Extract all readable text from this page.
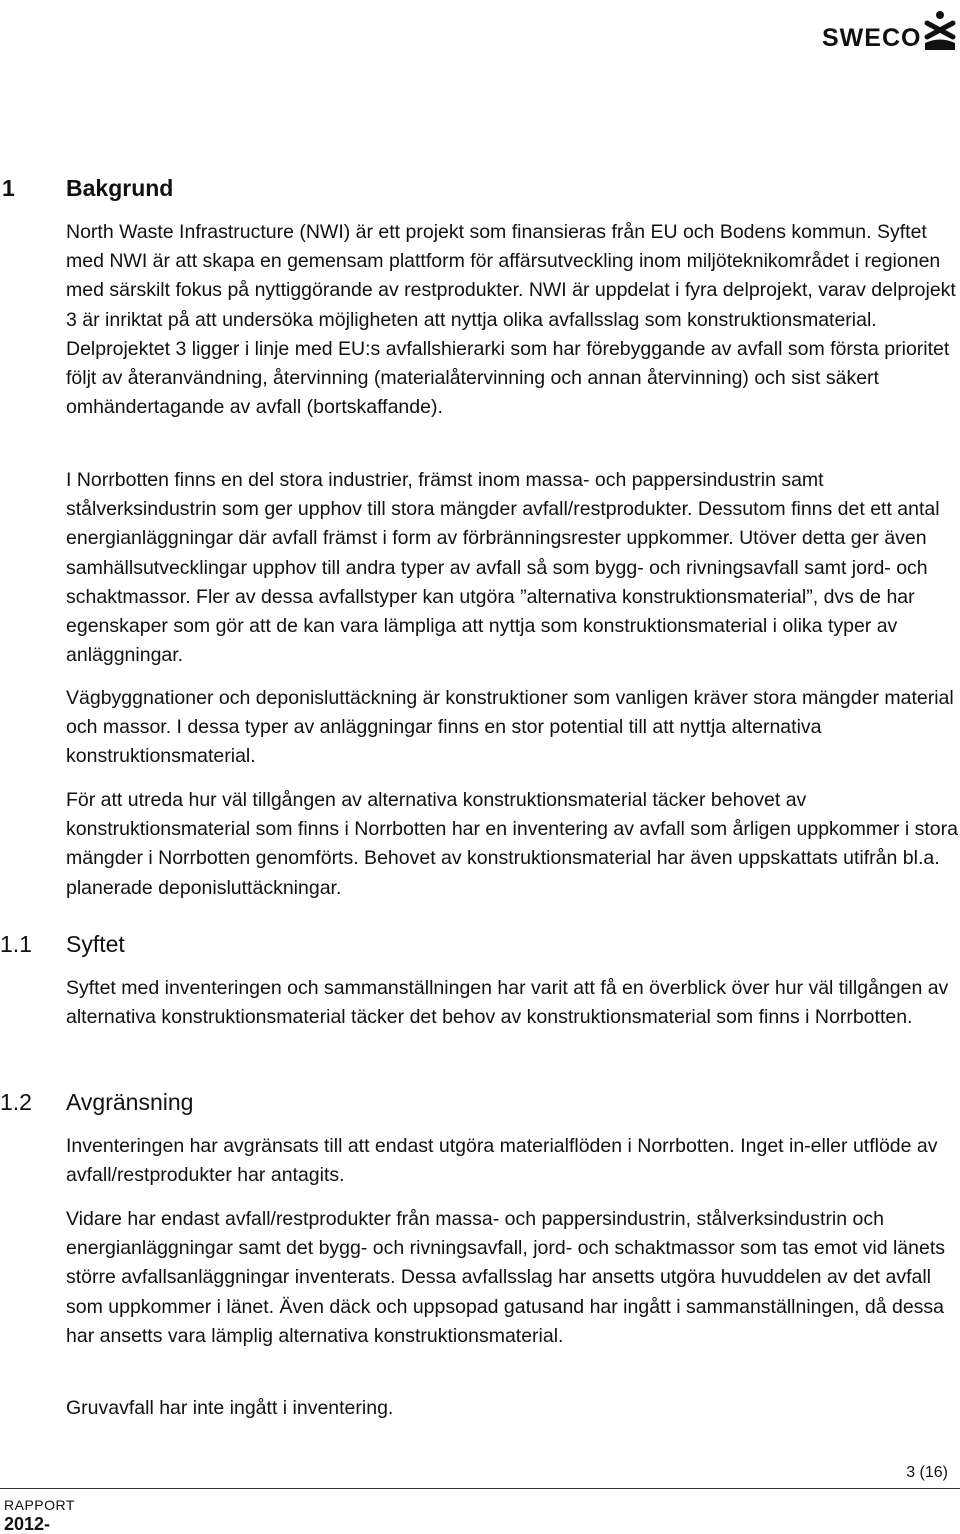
SWECO
1 Bakgrund

North Waste Infrastructure (NWI) är ett projekt som finansieras från EU och Bodens kommun. Syftet med NWI är att skapa en gemensam plattform för affärsutveckling inom miljöteknikområdet i regionen med särskilt fokus på nyttiggörande av restprodukter. NWI är uppdelat i fyra delprojekt, varav delprojekt 3 är inriktat på att undersöka möjligheten att nyttja olika avfallsslag som konstruktionsmaterial. Delprojektet 3 ligger i linje med EU:s avfallshierarki som har förebyggande av avfall som första prioritet följt av återanvändning, återvinning (materialåtervinning och annan återvinning) och sist säkert omhändertagande av avfall (bortskaffande).

I Norrbotten finns en del stora industrier, främst inom massa- och pappersindustrin samt stålverksindustrin som ger upphov till stora mängder avfall/restprodukter. Dessutom finns det ett antal energianläggningar där avfall främst i form av förbränningsrester uppkommer. Utöver detta ger även samhällsutvecklingar upphov till andra typer av avfall så som bygg- och rivningsavfall samt jord- och schaktmassor. Fler av dessa avfallstyper kan utgöra ”alternativa konstruktionsmaterial”, dvs de har egenskaper som gör att de kan vara lämpliga att nyttja som konstruktionsmaterial i olika typer av anläggningar.

Vägbyggnationer och deponisluttäckning är konstruktioner som vanligen kräver stora mängder material och massor. I dessa typer av anläggningar finns en stor potential till att nyttja alternativa konstruktionsmaterial.

För att utreda hur väl tillgången av alternativa konstruktionsmaterial täcker behovet av konstruktionsmaterial som finns i Norrbotten har en inventering av avfall som årligen uppkommer i stora mängder i Norrbotten genomförts. Behovet av konstruktionsmaterial har även uppskattats utifrån bl.a. planerade deponisluttäckningar.

1.1 Syftet

Syftet med inventeringen och sammanställningen har varit att få en överblick över hur väl tillgången av alternativa konstruktionsmaterial täcker det behov av konstruktionsmaterial som finns i Norrbotten.

1.2 Avgränsning

Inventeringen har avgränsats till att endast utgöra materialflöden i Norrbotten. Inget in-eller utflöde av avfall/restprodukter har antagits.

Vidare har endast avfall/restprodukter från massa- och pappersindustrin, stålverksindustrin och energianläggningar samt det bygg- och rivningsavfall, jord- och schaktmassor som tas emot vid länets större avfallsanläggningar inventerats. Dessa avfallsslag har ansetts utgöra huvuddelen av det avfall som uppkommer i länet. Även däck och uppsopad gatusand har ingått i sammanställningen, då dessa har ansetts vara lämplig alternativa konstruktionsmaterial.

Gruvavfall har inte ingått i inventering.

3 (16)
RAPPORT
2012-
